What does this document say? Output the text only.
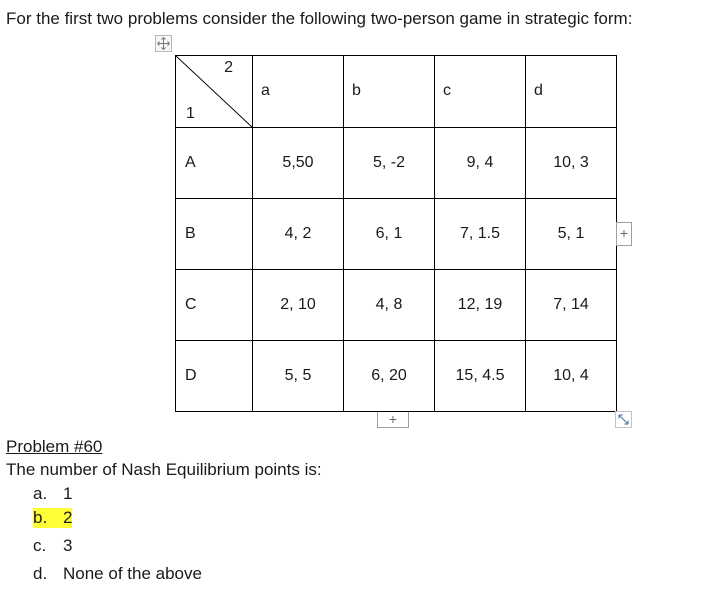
For the first two problems consider the following two-person game in strategic form:
2
1	a	b	c	d
A	5,50	5, -2	9, 4	10, 3
B	4, 2	6, 1	7, 1.5	5, 1
C	2, 10	4, 8	12, 19	7, 14
D	5, 5	6, 20	15, 4.5	10, 4
+
+
Problem #60
The number of Nash Equilibrium points is:
a. 1
b. 2
c. 3
d. None of the above
